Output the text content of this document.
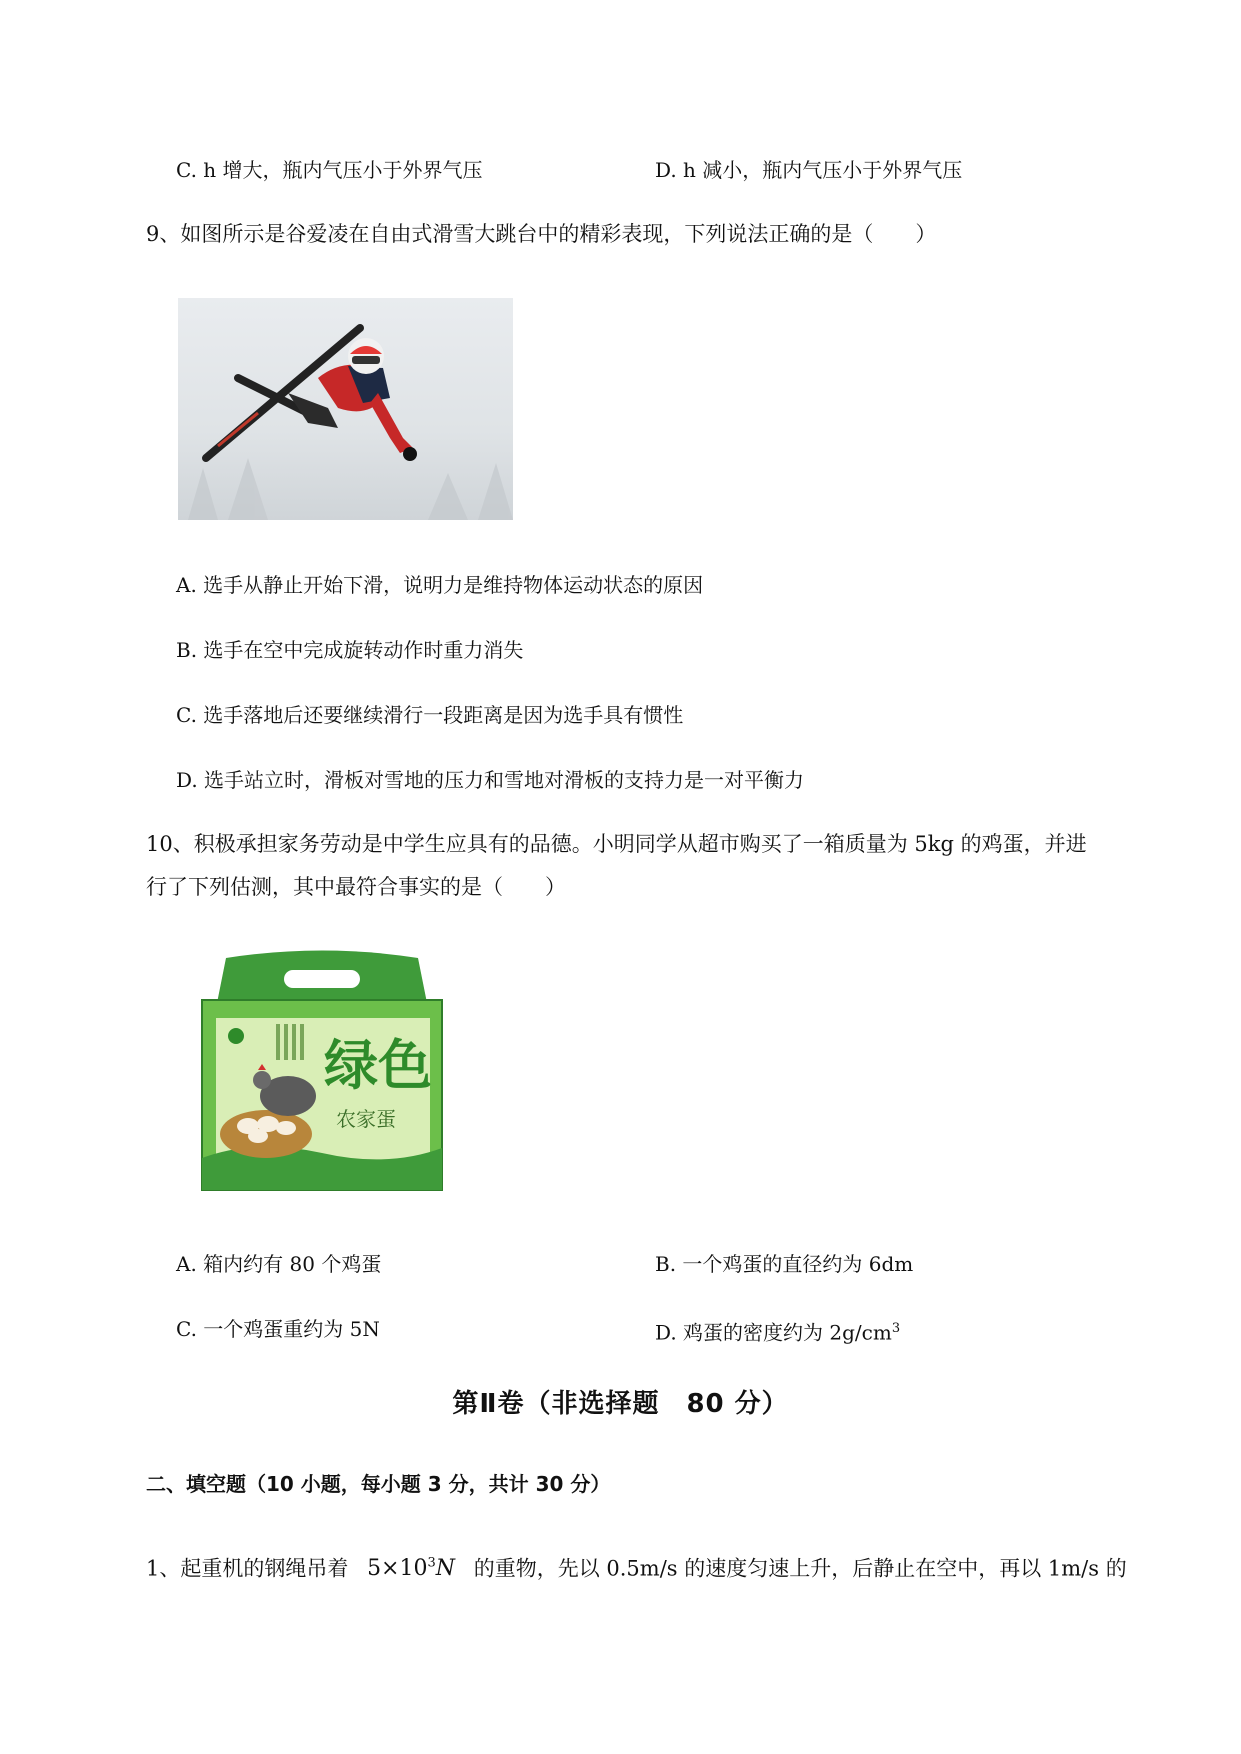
C. h 增大，瓶内气压小于外界气压	D. h 减小，瓶内气压小于外界气压
9、如图所示是谷爱凌在自由式滑雪大跳台中的精彩表现，下列说法正确的是（　　）
A. 选手从静止开始下滑，说明力是维持物体运动状态的原因
B. 选手在空中完成旋转动作时重力消失
C. 选手落地后还要继续滑行一段距离是因为选手具有惯性
D. 选手站立时，滑板对雪地的压力和雪地对滑板的支持力是一对平衡力
10、积极承担家务劳动是中学生应具有的品德。小明同学从超市购买了一箱质量为 5kg 的鸡蛋，并进
行了下列估测，其中最符合事实的是（　　）
绿色
农家蛋
A. 箱内约有 80 个鸡蛋	B. 一个鸡蛋的直径约为 6dm
C. 一个鸡蛋重约为 5N	D. 鸡蛋的密度约为 $2g/cm^3$
第Ⅱ卷（非选择题　80 分）
二、填空题（10 小题，每小题 3 分，共计 30 分）
1、起重机的钢绳吊着 $5\times 10^3N$ 的重物，先以 0.5m/s 的速度匀速上升，后静止在空中，再以 1m/s 的
